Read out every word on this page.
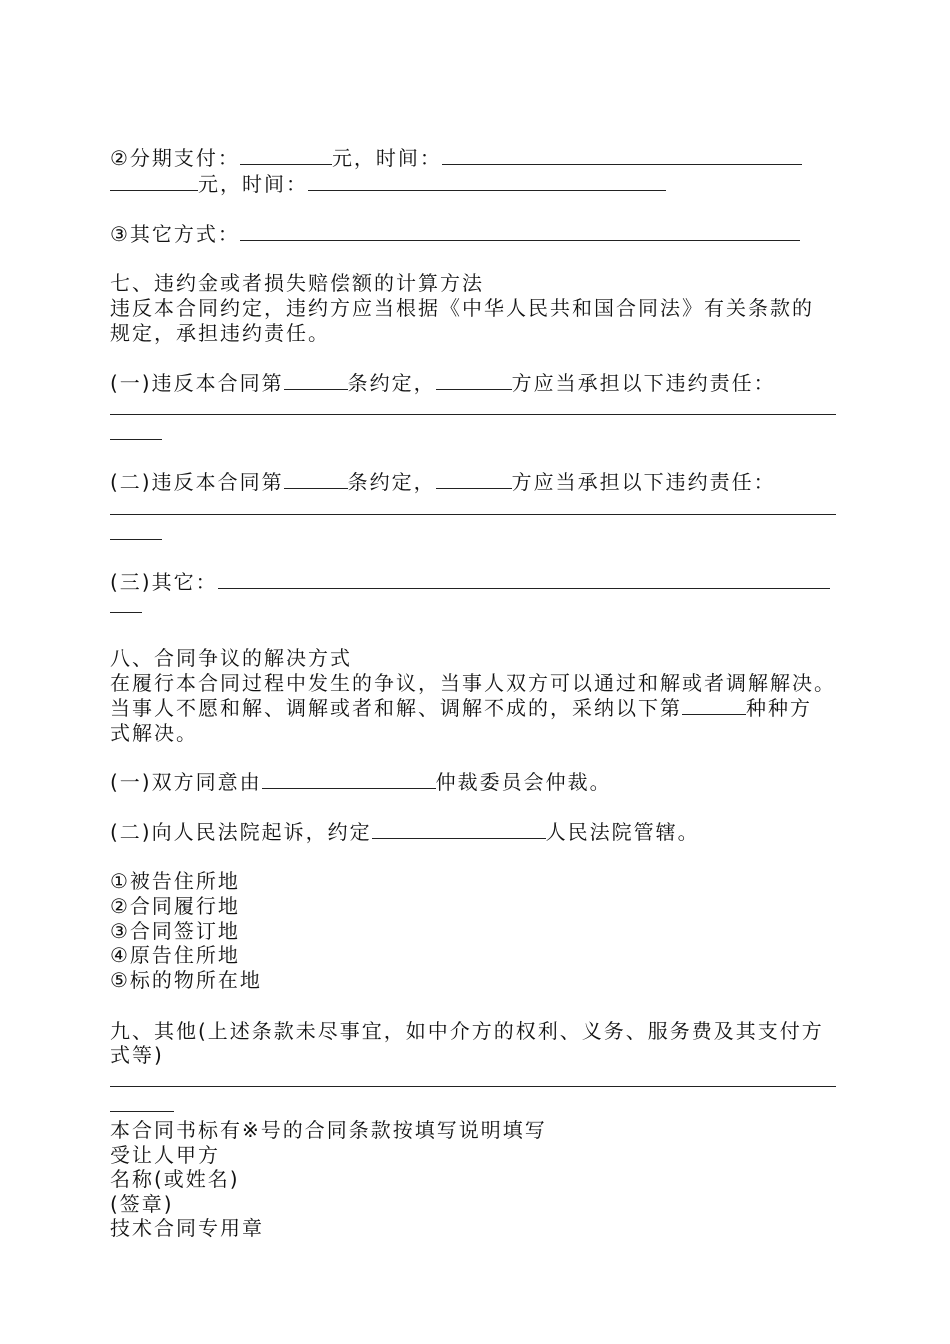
②分期支付：	元，时间：
元，时间：
③其它方式：
七、违约金或者损失赔偿额的计算方法
违反本合同约定，违约方应当根据《中华人民共和国合同法》有关条款的
规定，承担违约责任。
(一)违反本合同第	条约定，	方应当承担以下违约责任：
(二)违反本合同第	条约定，	方应当承担以下违约责任：
(三)其它：
八、合同争议的解决方式
在履行本合同过程中发生的争议，当事人双方可以通过和解或者调解解决。
当事人不愿和解、调解或者和解、调解不成的，采纳以下第	种种方
式解决。
(一)双方同意由	仲裁委员会仲裁。
(二)向人民法院起诉，约定	人民法院管辖。
①被告住所地
②合同履行地
③合同签订地
④原告住所地
⑤标的物所在地
九、其他(上述条款未尽事宜，如中介方的权利、义务、服务费及其支付方
式等)
本合同书标有※号的合同条款按填写说明填写
受让人甲方
名称(或姓名)
(签章)
技术合同专用章
